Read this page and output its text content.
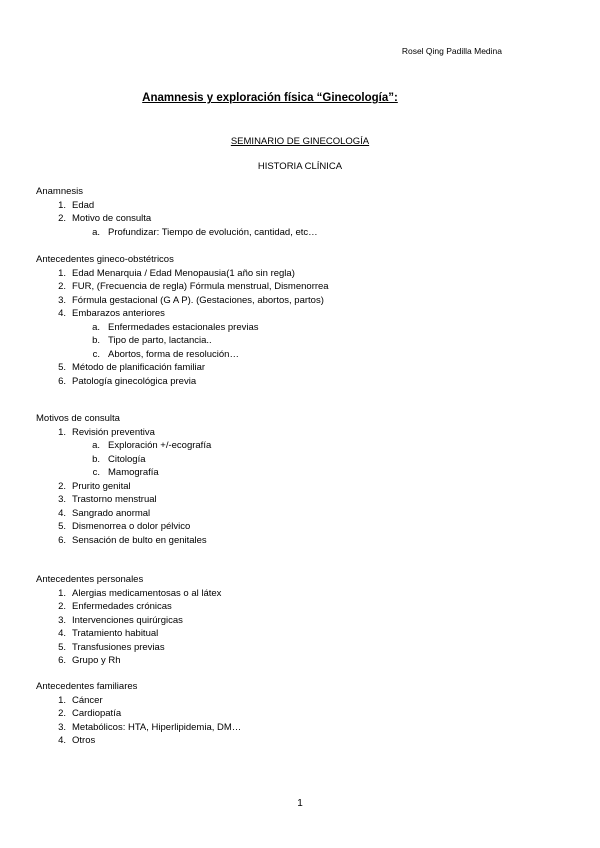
Rosel Qing Padilla Medina
Anamnesis y exploración física “Ginecología”:
SEMINARIO DE GINECOLOGÍA
HISTORIA CLÍNICA
Anamnesis
1. Edad
2. Motivo de consulta
a. Profundizar: Tiempo de evolución, cantidad, etc…
Antecedentes gineco-obstétricos
1. Edad Menarquia / Edad Menopausia(1 año sin regla)
2. FUR, (Frecuencia de regla) Fórmula menstrual, Dismenorrea
3. Fórmula gestacional (G A P). (Gestaciones, abortos, partos)
4. Embarazos anteriores
a. Enfermedades estacionales previas
b. Tipo de parto, lactancia..
c. Abortos, forma de resolución…
5. Método de planificación familiar
6. Patología ginecológica previa
Motivos de consulta
1. Revisión preventiva
a. Exploración +/-ecografía
b. Citología
c. Mamografía
2. Prurito genital
3. Trastorno menstrual
4. Sangrado anormal
5. Dismenorrea o dolor pélvico
6. Sensación de bulto en genitales
Antecedentes personales
1. Alergias medicamentosas o al látex
2. Enfermedades crónicas
3. Intervenciones quirúrgicas
4. Tratamiento habitual
5. Transfusiones previas
6. Grupo y Rh
Antecedentes familiares
1. Cáncer
2. Cardiopatía
3. Metabólicos: HTA, Hiperlipidemia, DM…
4. Otros
1
